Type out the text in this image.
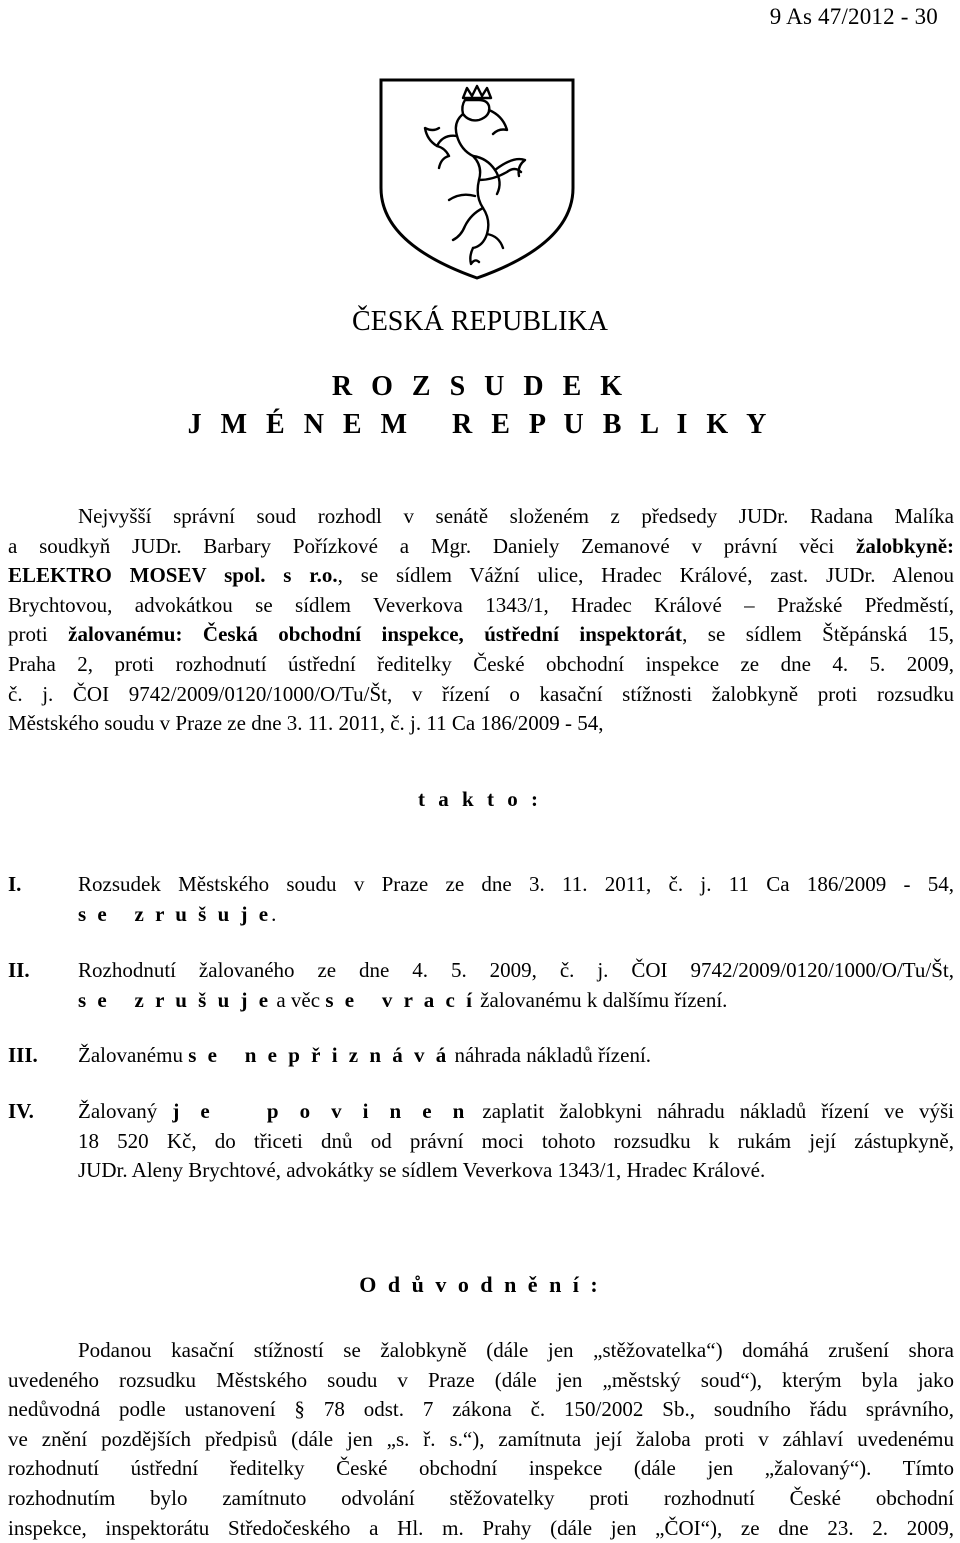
9 As 47/2012 - 30
ČESKÁ REPUBLIKA
R O Z S U D E K
J M É N E M   R E P U B L I K Y

Nejvyšší správní soud rozhodl v senátě složeném z předsedy JUDr. Radana Malíka

a soudkyň JUDr. Barbary Pořízkové a Mgr. Daniely Zemanové v právní věci žalobkyně:

ELEKTRO MOSEV spol. s r.o., se sídlem Vážní ulice, Hradec Králové, zast. JUDr. Alenou

Brychtovou, advokátkou se sídlem Veverkova 1343/1, Hradec Králové – Pražské Předměstí,

proti žalovanému: Česká obchodní inspekce, ústřední inspektorát, se sídlem Štěpánská 15,

Praha 2, proti rozhodnutí ústřední ředitelky České obchodní inspekce ze dne 4. 5. 2009,

č. j. ČOI 9742/2009/0120/1000/O/Tu/Št, v řízení o kasační stížnosti žalobkyně proti rozsudku

Městského soudu v Praze ze dne 3. 11. 2011, č. j. 11 Ca 186/2009 - 54,

t a k t o :
I.	Rozsudek Městského soudu v Praze ze dne 3. 11. 2011, č. j. 11 Ca 186/2009 - 54,
s e   z r u š u j e.
II. Rozhodnutí žalovaného ze dne 4. 5. 2009, č. j. ČOI 9742/2009/0120/1000/O/Tu/Št,
s e   z r u š u j e a věc s e   v r a c í žalovanému k dalšímu řízení.
III. Žalovanému s e   n e p ř i z n á v á náhrada nákladů řízení.
IV. Žalovaný j e   p o v i n e n zaplatit žalobkyni náhradu nákladů řízení ve výši
18 520 Kč, do třiceti dnů od právní moci tohoto rozsudku k rukám její zástupkyně,
JUDr. Aleny Brychtové, advokátky se sídlem Veverkova 1343/1, Hradec Králové.
O d ů v o d n ě n í :

Podanou kasační stížností se žalobkyně (dále jen „stěžovatelka“) domáhá zrušení shora

uvedeného rozsudku Městského soudu v Praze (dále jen „městský soud“), kterým byla jako

nedůvodná podle ustanovení § 78 odst. 7 zákona č. 150/2002 Sb., soudního řádu správního,

ve znění pozdějších předpisů (dále jen „s. ř. s.“), zamítnuta její žaloba proti v záhlaví uvedenému

rozhodnutí ústřední ředitelky České obchodní inspekce (dále jen „žalovaný“). Tímto

rozhodnutím bylo zamítnuto odvolání stěžovatelky proti rozhodnutí České obchodní

inspekce, inspektorátu Středočeského a Hl. m. Prahy (dále jen „ČOI“), ze dne 23. 2. 2009,
